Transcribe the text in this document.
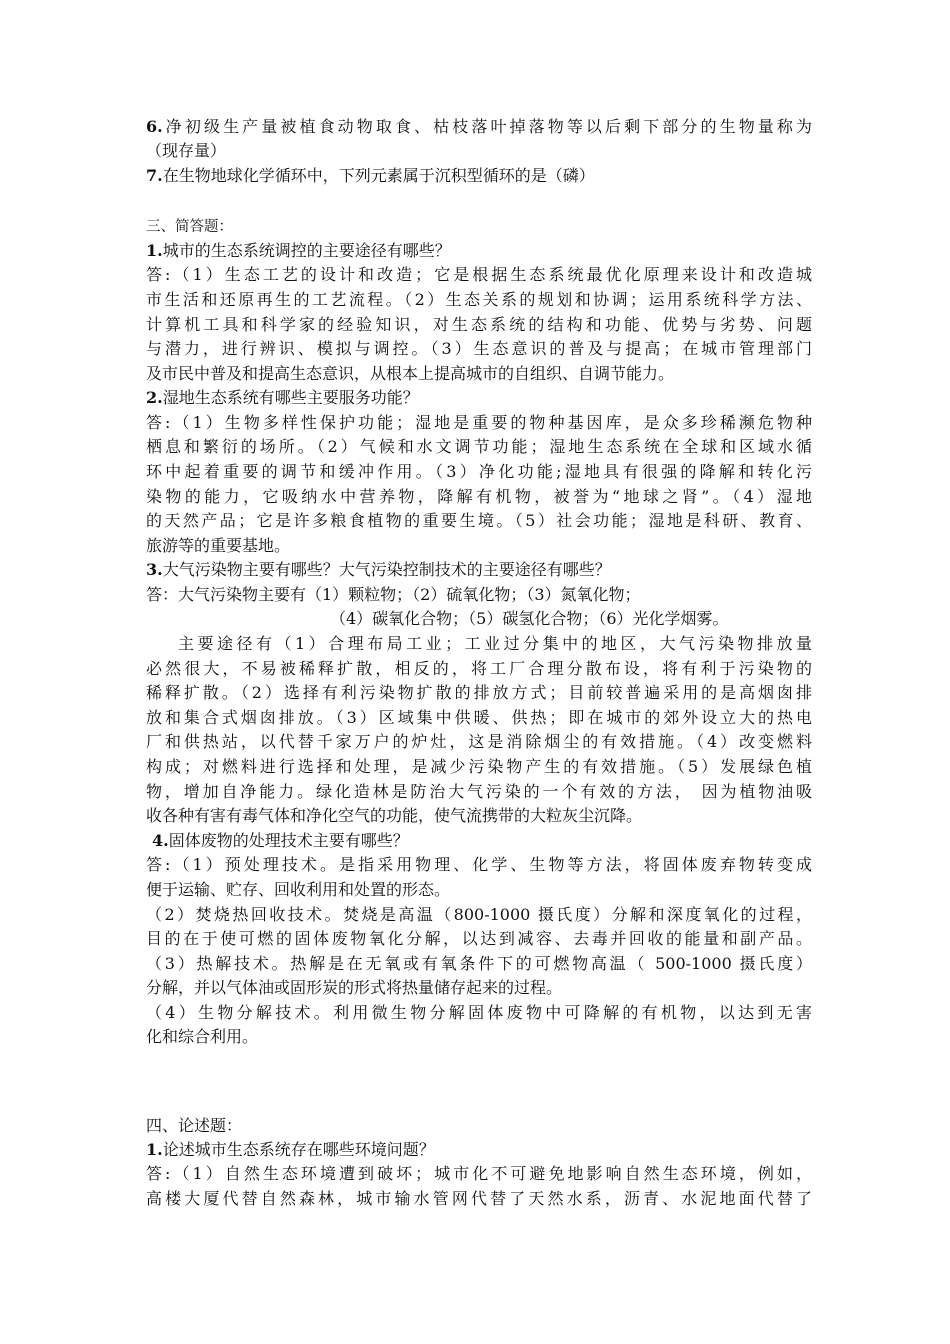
6.净初级生产量被植食动物取食、枯枝落叶掉落物等以后剩下部分的生物量称为
（现存量）
7.在生物地球化学循环中，下列元素属于沉积型循环的是（磷）
三、简答题：
1.城市的生态系统调控的主要途径有哪些？
答:（1）生态工艺的设计和改造；它是根据生态系统最优化原理来设计和改造城
市生活和还原再生的工艺流程。（2）生态关系的规划和协调；运用系统科学方法、
计算机工具和科学家的经验知识，对生态系统的结构和功能、优势与劣势、问题
与潜力，进行辨识、模拟与调控。（3）生态意识的普及与提高；在城市管理部门
及市民中普及和提高生态意识，从根本上提高城市的自组织、自调节能力。
2.湿地生态系统有哪些主要服务功能？
答:（1）生物多样性保护功能；湿地是重要的物种基因库，是众多珍稀濒危物种
栖息和繁衍的场所。（2）气候和水文调节功能；湿地生态系统在全球和区域水循
环中起着重要的调节和缓冲作用。（3）净化功能;湿地具有很强的降解和转化污
染物的能力，它吸纳水中营养物，降解有机物，被誉为“地球之肾”。（4）湿地
的天然产品；它是许多粮食植物的重要生境。（5）社会功能；湿地是科研、教育、
旅游等的重要基地。
3.大气污染物主要有哪些？大气污染控制技术的主要途径有哪些？
答：大气污染物主要有（1）颗粒物；（2）硫氧化物；（3）氮氧化物；
（4）碳氧化合物；（5）碳氢化合物；（6）光化学烟雾。
主要途径有（1）合理布局工业；工业过分集中的地区，大气污染物排放量
必然很大，不易被稀释扩散，相反的，将工厂合理分散布设，将有利于污染物的
稀释扩散。（2）选择有利污染物扩散的排放方式；目前较普遍采用的是高烟囱排
放和集合式烟囱排放。（3）区域集中供暖、供热；即在城市的郊外设立大的热电
厂和供热站，以代替千家万户的炉灶，这是消除烟尘的有效措施。（4）改变燃料
构成；对燃料进行选择和处理，是减少污染物产生的有效措施。（5）发展绿色植
物，增加自净能力。绿化造林是防治大气污染的一个有效的方法， 因为植物油吸
收各种有害有毒气体和净化空气的功能，使气流携带的大粒灰尘沉降。
4.固体废物的处理技术主要有哪些？
答:（1）预处理技术。是指采用物理、化学、生物等方法，将固体废弃物转变成
便于运输、贮存、回收利用和处置的形态。
（2）焚烧热回收技术。焚烧是高温（800-1000 摄氏度）分解和深度氧化的过程，
目的在于使可燃的固体废物氧化分解，以达到减容、去毒并回收的能量和副产品。
（3）热解技术。热解是在无氧或有氧条件下的可燃物高温（ 500-1000 摄氏度）
分解，并以气体油或固形炭的形式将热量储存起来的过程。
（4）生物分解技术。利用微生物分解固体废物中可降解的有机物，以达到无害
化和综合利用。
四、论述题：
1.论述城市生态系统存在哪些环境问题？
答:（1）自然生态环境遭到破坏；城市化不可避免地影响自然生态环境，例如，
高楼大厦代替自然森林，城市输水管网代替了天然水系，沥青、水泥地面代替了
